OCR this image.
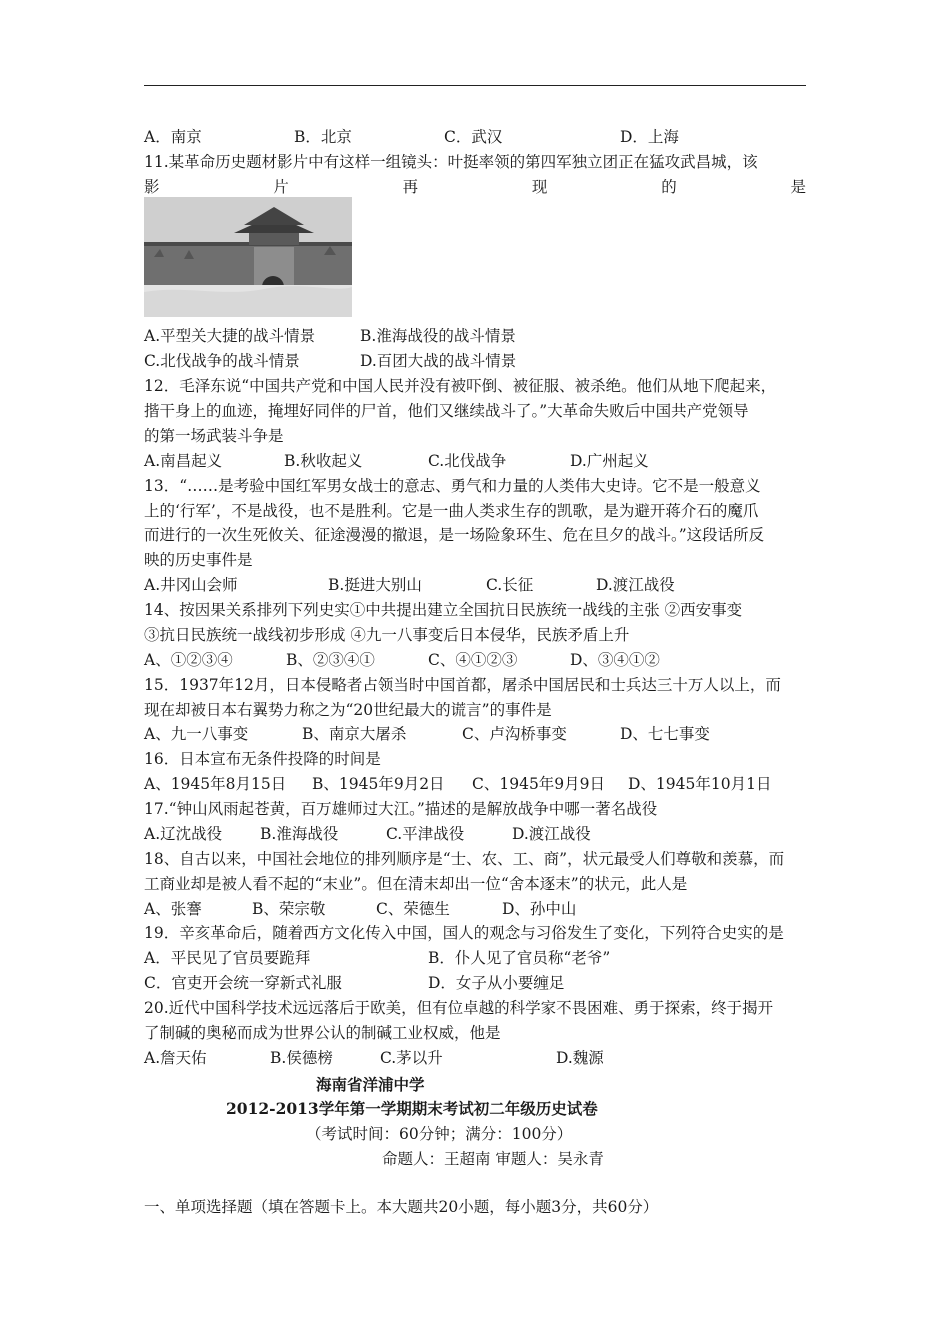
A．南京	B．北京	C．武汉	D．上海
11.某革命历史题材影片中有这样一组镜头：叶挺率领的第四军独立团正在猛攻武昌城，该
影	片	再	现	的	是
A.平型关大捷的战斗情景	B.淮海战役的战斗情景
C.北伐战争的战斗情景	D.百团大战的战斗情景
12．毛泽东说“中国共产党和中国人民并没有被吓倒、被征服、被杀绝。他们从地下爬起来，
揩干身上的血迹，掩埋好同伴的尸首，他们又继续战斗了。”大革命失败后中国共产党领导
的第一场武装斗争是
A.南昌起义	B.秋收起义	C.北伐战争	D.广州起义
13．“……是考验中国红军男女战士的意志、勇气和力量的人类伟大史诗。它不是一般意义
上的‘行军’，不是战役，也不是胜利。它是一曲人类求生存的凯歌，是为避开蒋介石的魔爪
而进行的一次生死攸关、征途漫漫的撤退，是一场险象环生、危在旦夕的战斗。”这段话所反
映的历史事件是
A.井冈山会师	B.挺进大别山	C.长征	D.渡江战役
14、按因果关系排列下列史实①中共提出建立全国抗日民族统一战线的主张 ②西安事变
③抗日民族统一战线初步形成 ④九一八事变后日本侵华，民族矛盾上升
A、①②③④	B、②③④①	C、④①②③	D、③④①②
15．1937年12月，日本侵略者占领当时中国首都，屠杀中国居民和士兵达三十万人以上，而
现在却被日本右翼势力称之为“20世纪最大的谎言”的事件是
A、九一八事变	B、南京大屠杀	C、卢沟桥事变	D、七七事变
16．日本宣布无条件投降的时间是
A、1945年8月15日 B、1945年9月2日 C、1945年9月9日 D、1945年10月1日
17.“钟山风雨起苍黄，百万雄师过大江。”描述的是解放战争中哪一著名战役
A.辽沈战役 B.淮海战役	C.平津战役	D.渡江战役
18、自古以来，中国社会地位的排列顺序是“士、农、工、商”，状元最受人们尊敬和羡慕，而
工商业却是被人看不起的“末业”。但在清末却出一位“舍本逐末”的状元，此人是
A、张謇	B、荣宗敬	C、荣德生	D、孙中山
19．辛亥革命后，随着西方文化传入中国，国人的观念与习俗发生了变化，下列符合史实的是
A．平民见了官员要跪拜	B．仆人见了官员称“老爷”
C．官吏开会统一穿新式礼服	D．女子从小要缠足
20.近代中国科学技术远远落后于欧美，但有位卓越的科学家不畏困难、勇于探索，终于揭开
了制碱的奥秘而成为世界公认的制碱工业权威，他是
A.詹天佑	B.侯德榜	C.茅以升	D.魏源
海南省洋浦中学
2012-2013学年第一学期期末考试初二年级历史试卷
（考试时间：60分钟；满分：100分）
命题人：王超南 审题人：吴永青
一、单项选择题（填在答题卡上。本大题共20小题，每小题3分，共60分）
